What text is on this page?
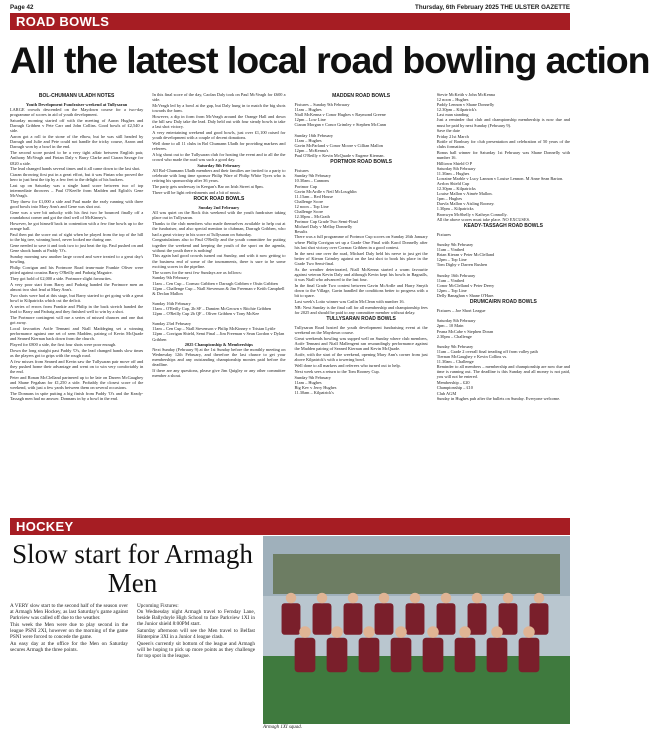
Page 42	Thursday, 6th February 2025 THE ULSTER GAZETTE
ROAD BOWLS
All the latest local road bowling action
BOL-CHUMANN ULADH NOTES
Youth Development Fundraiser weekend at Tullysaran

LARGE crowds descended on the Maydown course for a two-day programme of scores in aid of youth development.

Saturday morning started off with the meeting of Aaron Hughes and Darragh Gribben v Pete Carr and John Collins. Good bowls of £2,540 a side.

Aaron got a roll to the stone of the elbow, but he was still headed by Darragh and Julie and Pete could not handle the tricky course, Aaron and Darragh won by a bowl in the end.

The second score posted to be a very tight affair between English pair, Anthony McVeagh and Fintan Daly v Barry Clarke and Ciaran Savage for £820 a side.

The lead changed hands several times and it all came down to the last shot.

Ciaran throwing first put in a great effort, but it was Fintan who proved the hero to just beat the tip by a few feet to the delight of his backers.

Last up on Saturday was a single hand score between two of top intermediate throwers – Paul O'Keeffe from Madden and Eglish's Gene McVeagh.

They threw for £1,000 a side and Paul made the early running with three good bowls into Mary Ann's and Gene was shot out.

Gene was a wee bit unlucky with his first two he bounced finally off a roundabout corner and got the deal well of McKinney's.

However, he got himself back in contention with a few fine bowls up to the orange ball.

Paul then put the score out of sight when he played from the top of the hill to the big tree, winning bowl, never looked me during one.

Gene needed to save it and took two to just beat the tip. Paul pushed on and Gene shook hands at Paddy 'O's.

Sunday morning saw another large crowd and were treated to a great day's bowling.

Philip Corrigan and his Portmore Road team-mate Frankie Oliver were pitted against cousins Barry O'Reilly and Padraig Maguire.

They got hold of £2,000 a side. Portmore slight favourites.

A very poor start from Barry and Padraig handed the Portmore men an almost two shot lead at Mary Ann's.

Two shots were had at this stage, but Barry started to get going with a great bowl to Kilpatricks which cut the deficit.

A series of errors from Frankie and Philip in the back stretch handed the lead to Barry and Padraig and they finished well to win by a shot.

The Portmore contingent will rue a series of missed chances and one that got away.

Local favourites Aoife Tennant and Niall Maddeging set a winning performance against one set of seen Madden, pairing of Kevin McQuade and Seaned Kiernan back down from the church.

Played for £800 a side, the first four shots were poor enough.

Down the long straight past Paddy 'O's, the lead changed hands slow times as the players got to grips with the rough road.

A few misses from Seaned and Kevin saw the Tullysaran pair move off and they pushed home their advantage and went on to win very comfortably in the end.

Peter and Ronan McClelland partnered up to be late on Darren McGaughey and Shane Fegahan for £1,250 a side. Probably the closest score of the weekend, with just a few yards between them on several occasions.

The Donnans in spite putting a big finish from Paddy 'O's and the Keady-Tassagh men had no answer. Donnans in by a bowl in the end.

In this final score of the day, Caolan Daly took on Paul McVeagh for £600 a side.

McVeagh led by a bowl at the gap, but Daly hung in to match the big shots towards the farm.

However, a dip in form from McVeagh around the Orange Hall and down the hill saw Daly take the lead. Daly held out with four steady bowls to take a last shot victory.

A very entertaining weekend and good bowls, just over £1,100 raised for youth development with a couple of decent donations.

Well done to all 11 clubs in Bol Chumann Uladh for providing markers and referees.

A big shout out to the Tullysaran club for hosting the event and to all the the crowd who made the road was such a good day.

Saturday 8th February

All Bol-Chumann Uladh members and their families are invited to a party to celebrate with long time sponsor Philip Ware of Philip White Tyres who is retiring his sponsorship after 36 years.

The party gets underway in Keegan's Bar on Irish Street at 8pm.

There will be light refreshments and a bit of music.

ROCK ROAD BOWLS
Sunday 2nd February

All was quiet on the Rock this weekend with the youth fundraiser taking place out in Tullysaran.

Thanks to the club members who made themselves available to help out at the fundraiser, and also special mention to clubman, Darragh Gribben, who had a great victory in his score at Tullysaran on Saturday.

Congratulations also to Paul O'Reilly and the youth committee for putting together the weekend and keeping the youth of the sport on the agenda, without the youth there is nothing!

This again had good crowds turned out Sunday, and with it now getting to the business end of some of the tournaments, there is sure to be some exciting scores in the pipeline.

The scores for the next few Sundays are as follows:

Sunday 9th February
11am – Cen Cup – Cormac Gribben v Darragh Gribben v Oisín Gribben
12pm – Challenge Cup – Niall Stevenson & Jim Freeman v Keith Campbell & Declan Mallon

Sunday 16th February
11am – O'Reilly Cup, 2b SF – Damien McGeown v Ritchie Gribben
12pm – O'Reilly Cup 2b QF – Oliver Gribben v Tony McKee

Sunday 23rd February
11am – Cen Cup – Niall Stevenson v Philip McKinney v Tristan Lyttle
12pm – Corrigan Shield, Semi Final – Jim Freeman v Sean Gordon v Dylan Gribben
2025 Championship & Memberships

Next Sunday (February 9) at the 1st Sunday before the monthly meeting on Wednesday 12th February, and therefore the last chance to get your memberships and any outstanding championship monies paid before the deadline.

If there are any questions, please give Jim Quigley or any other committee member a shout.

MADDEN ROAD BOWLS
Fixtures – Sunday 9th February
11am – Hughes
Niall McKenna v Conor Hughes v Raymond Greene
12pm – Low Line
Ciaran Morgan v Conor Grimley v Stephen McCann

Sunday 16th February
11am – Hughes
Gavin McParland v Conor Moore v Cillian Mallon
12pm – McKenna's
Paul O'Reilly v Kevin McQuade v Eugene Kiernan.
PORTMOR ROAD BOWLS
Fixtures
Sunday 9th February
10.30am – Cannons
Portmor Cup
Gavin McArdle v Neil McLoughlin
11.15am – Red House
Challenge Score
12 noon – Top Line
Challenge Score
12.30pm – McGrath
Portmor Cup Grade Two Semi-Final
Michael Daly v Mellay Donnelly
Results

There was a full programme of Portmor Cup scores on Sunday 26th January where Philip Corrigan set up a Grade One Final with Karol Donnelly after his last shot victory over Cormac Gribben in a good contest.

In the next one over the road, Michael Daly held his nerve to just get the better of Kieran Grimley against on the last shot to book his place in the Grade Two Semi-final.

As the weather deteriorated, Niall McKenna started a warm favourite against veteran Kevin Daly and although Kevin kept his bowls in Bagnalls, it was Niall who advanced to the last four.

In the final Grade Two contest between Gavin McArdle and Harry Smyth down to the Village, Gavin handled the conditions better to progress with a bit to spare.

Last week's Lotto winner was Cailin McClean with number 16.

NB: Next Sunday is the final call for all membership and championship fees for 2025 and should be paid to any committee member without delay.

TULLYSARAN ROAD BOWLS

Tullysaran Road hosted the youth development fundraising event at the weekend on the Maydown course.

Great weekends bowling was supped well on Sunday where club members, Aoife Tennant and Niall Mallengent ran resoundingly performance against the Madden pairing of Seaned Kiernan and Kevin McQuade.

Aoife, with the start of the weekend, opening Mary Ann's corner from just above Kilpatrick's with a towering bowl.

Well done to all markers and referees who turned out to help.

Next week sees a return to the Tom Rooney Cup.

Sunday 9th February
11am – Hughes
Big Kev v Jerry Hughes
11.30am – Kilpatrick's
Stevie McKeith v John McKenna
12 noon – Hughes
Paddy Lennon v Shane Donnelly
12.30pm – Kilpatrick's
Last man standing

Just a reminder that club and championship membership is now due and must be paid by next Sunday (February 9).

Save the date
Friday 21st March
Bottle of Bonbury for club presentation and celebration of 50 years of the clubs formation.

Bonus ball winner for Saturday 1st February was Shane Donnelly with number 16.

Hilltown Shield O P
Saturday 8th February
11.30am – Hughes
Lorraine Marble v Lucy Lannon v Louise Lennon. M Anne Sean Barton.
Avrlon Shield Cup
12.30pm – Kilpatricks
Louise Mallon v Aimée Mallon.
1pm – Hughes
Darvla Mallon v Aisling Rooney.
1.30pm – Kilpatricks
Bronwyn McShelly v Kathryn Connolly.
All the above scores must take place. NO EXCUSES.
KEADY-TASSAGH ROAD BOWLS
Fixtures

Sunday 9th February
11am – Vinthed
Brian Kieran v Peter McClelland
12pm – Top Line
Tom Digby v Darren Rushen

Sunday 16th February
11am – Vinthed
Conor McClelland v Peter Deery
12pm – Top Line
Delly Banaghan v Shane O'Hare.
DRUMCAIRN ROAD BOWLS
Fixtures – Joe Short League

Saturday 8th February
2pm – 10 Main
Feana McCabe v Stephen Doran
2.30pm – Challenge

Sunday 9th February
11am – Grade 2 overall final treading off from valley path
Tiernan McGaughey v Kevin Collins vs.
11.30am – Challenge

Reminder to all members – membership and championship are now due and time is running out. The deadline is this Sunday and all money is not paid, you will not be entered.

Membership – £20
Championship – £10

Club AGM
Sunday in Hughes pub after the bullets on Sunday. Everyone welcome.

HOCKEY
Slow start for Armagh Men

A VERY slow start to the second half of the season over at Armagh Men Hockey, as last Saturday's game against Parkview was called off due to the weather.

This week the Men were due to play second in the league PSNI 2XI, however on the morning of the game PSNI were forced to concede the game.

An easy day at the office for the Men on Saturday secures Armagh the three points.

Upcoming Fixtures:
On Wednesday night Armagh travel to Fernday Lane, beside Ballydoyle High School to face Parkview 1XI in the Junior shield 8:00PM start.

Saturday afternoon will see the Men travel to Belfast Hinterpine 3XI in a Junior 4 league clash.

Queen's currently sit bottom of the league and Armagh will be hoping to pick up more points as they challenge for top spot in the league.

Armagh 1XI squad.
